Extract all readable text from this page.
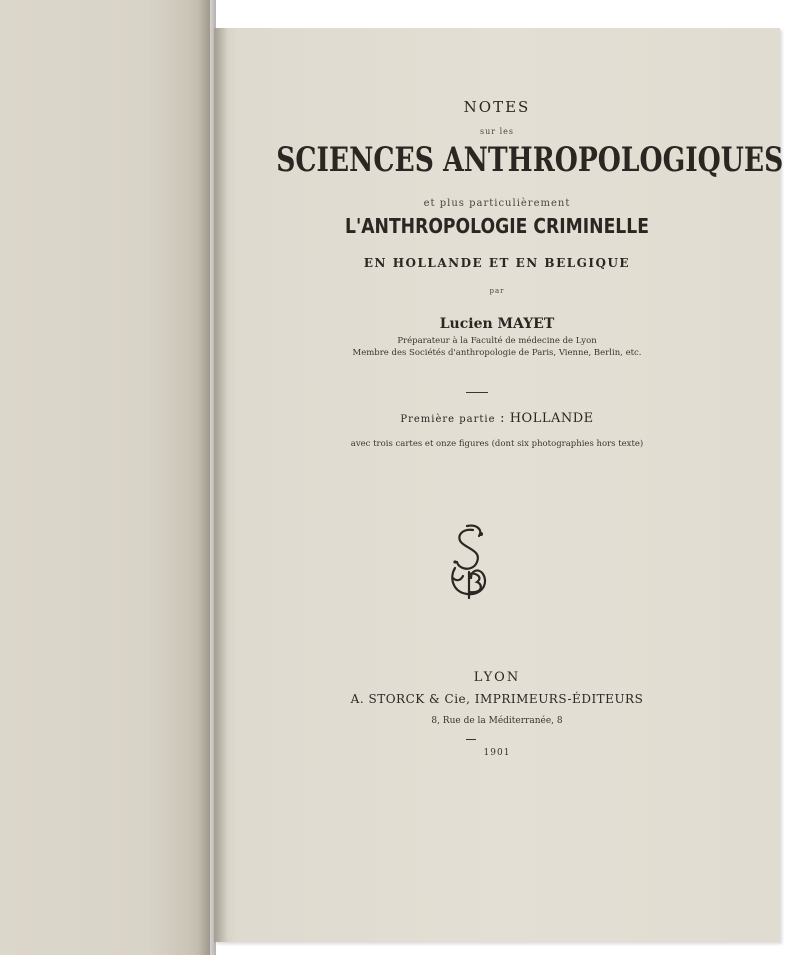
NOTES
sur les
SCIENCES ANTHROPOLOGIQUES
et plus particulièrement
L'ANTHROPOLOGIE CRIMINELLE
EN HOLLANDE ET EN BELGIQUE
par
Lucien MAYET
Préparateur à la Faculté de médecine de Lyon
Membre des Sociétés d'anthropologie de Paris, Vienne, Berlin, etc.
Première partie : HOLLANDE
avec trois cartes et onze figures (dont six photographies hors texte)
LYON
A. STORCK & Cie, IMPRIMEURS-ÉDITEURS
8, Rue de la Méditerranée, 8
1901
